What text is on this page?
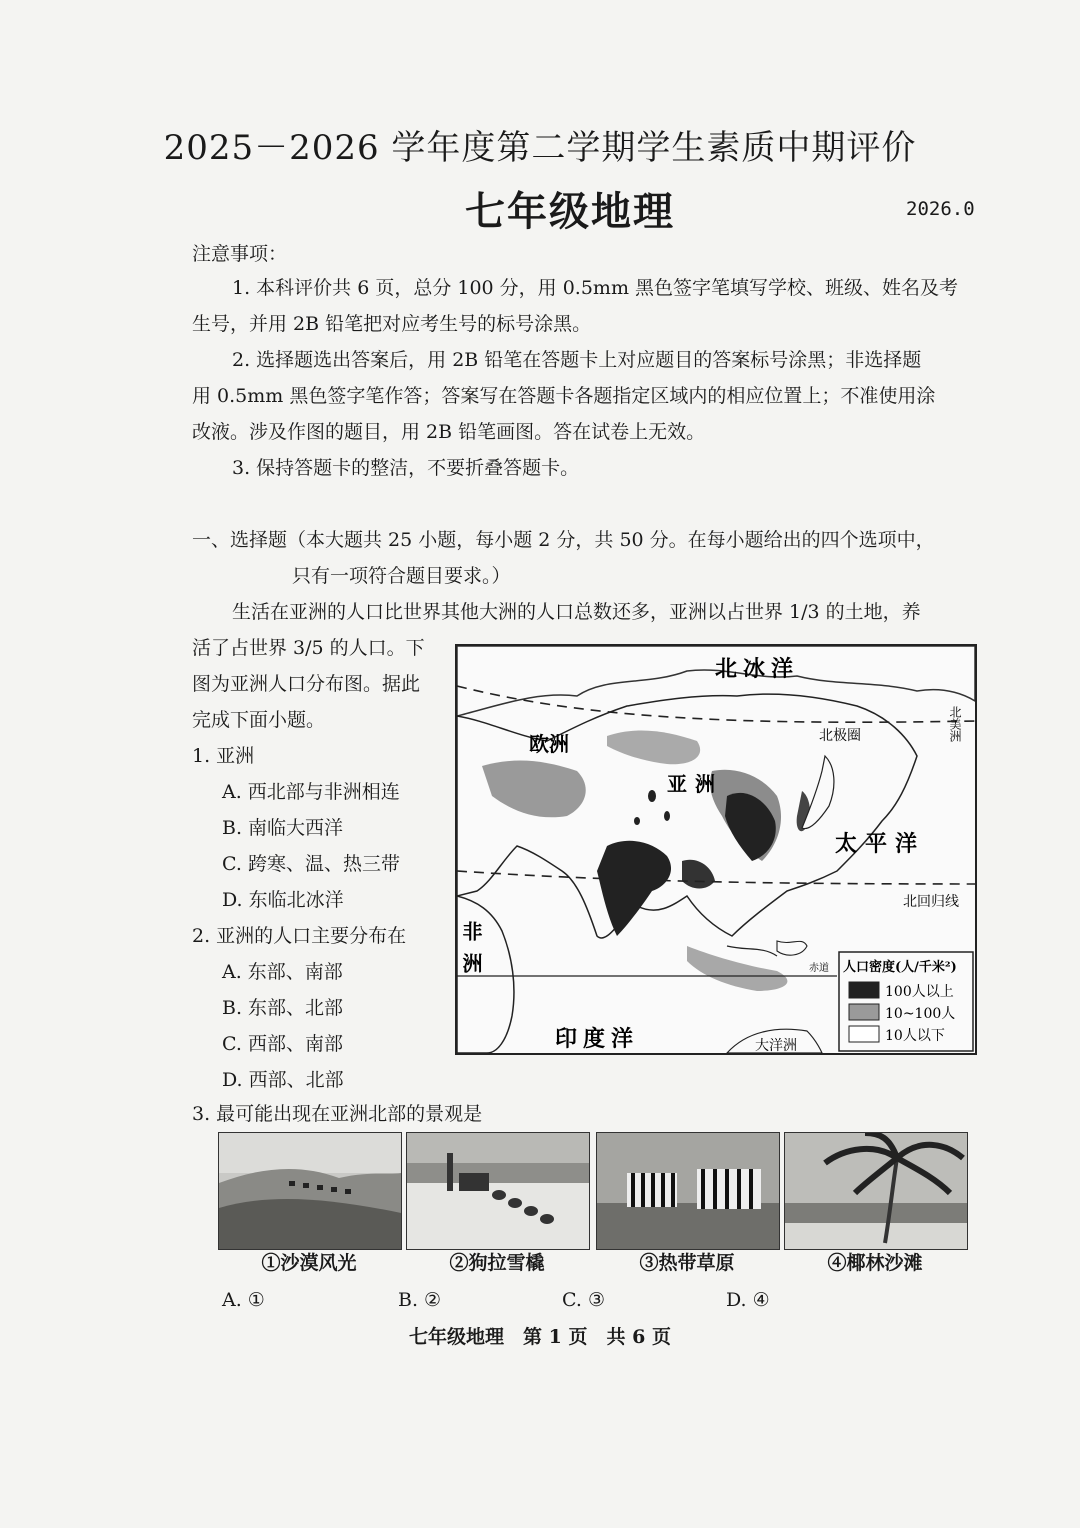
2025－2026 学年度第二学期学生素质中期评价
七年级地理	2026.0
注意事项：
1. 本科评价共 6 页，总分 100 分，用 0.5mm 黑色签字笔填写学校、班级、姓名及考
生号，并用 2B 铅笔把对应考生号的标号涂黑。
2. 选择题选出答案后，用 2B 铅笔在答题卡上对应题目的答案标号涂黑；非选择题
用 0.5mm 黑色签字笔作答；答案写在答题卡各题指定区域内的相应位置上；不准使用涂
改液。涉及作图的题目，用 2B 铅笔画图。答在试卷上无效。
3. 保持答题卡的整洁，不要折叠答题卡。
一、选择题（本大题共 25 小题，每小题 2 分，共 50 分。在每小题给出的四个选项中，
只有一项符合题目要求。）
生活在亚洲的人口比世界其他大洲的人口总数还多，亚洲以占世界 1/3 的土地，养
活了占世界 3/5 的人口。下
图为亚洲人口分布图。据此
完成下面小题。
1. 亚洲
A. 西北部与非洲相连
B. 南临大西洋
C. 跨寒、温、热三带
D. 东临北冰洋
2. 亚洲的人口主要分布在
A. 东部、南部
B. 东部、北部
C. 西部、南部
D. 西部、北部
3. 最可能出现在亚洲北部的景观是
北冰洋
北极圈	北美洲
欧洲
亚洲
太平洋
北回归线
非洲	赤道
印度洋	大洋洲
人口密度(人/千米²)
100人以上
10~100人
10人以下
①沙漠风光	②狗拉雪橇	③热带草原	④椰林沙滩
A. ①	B. ②	C. ③	D. ④
七年级地理　第 1 页　共 6 页
